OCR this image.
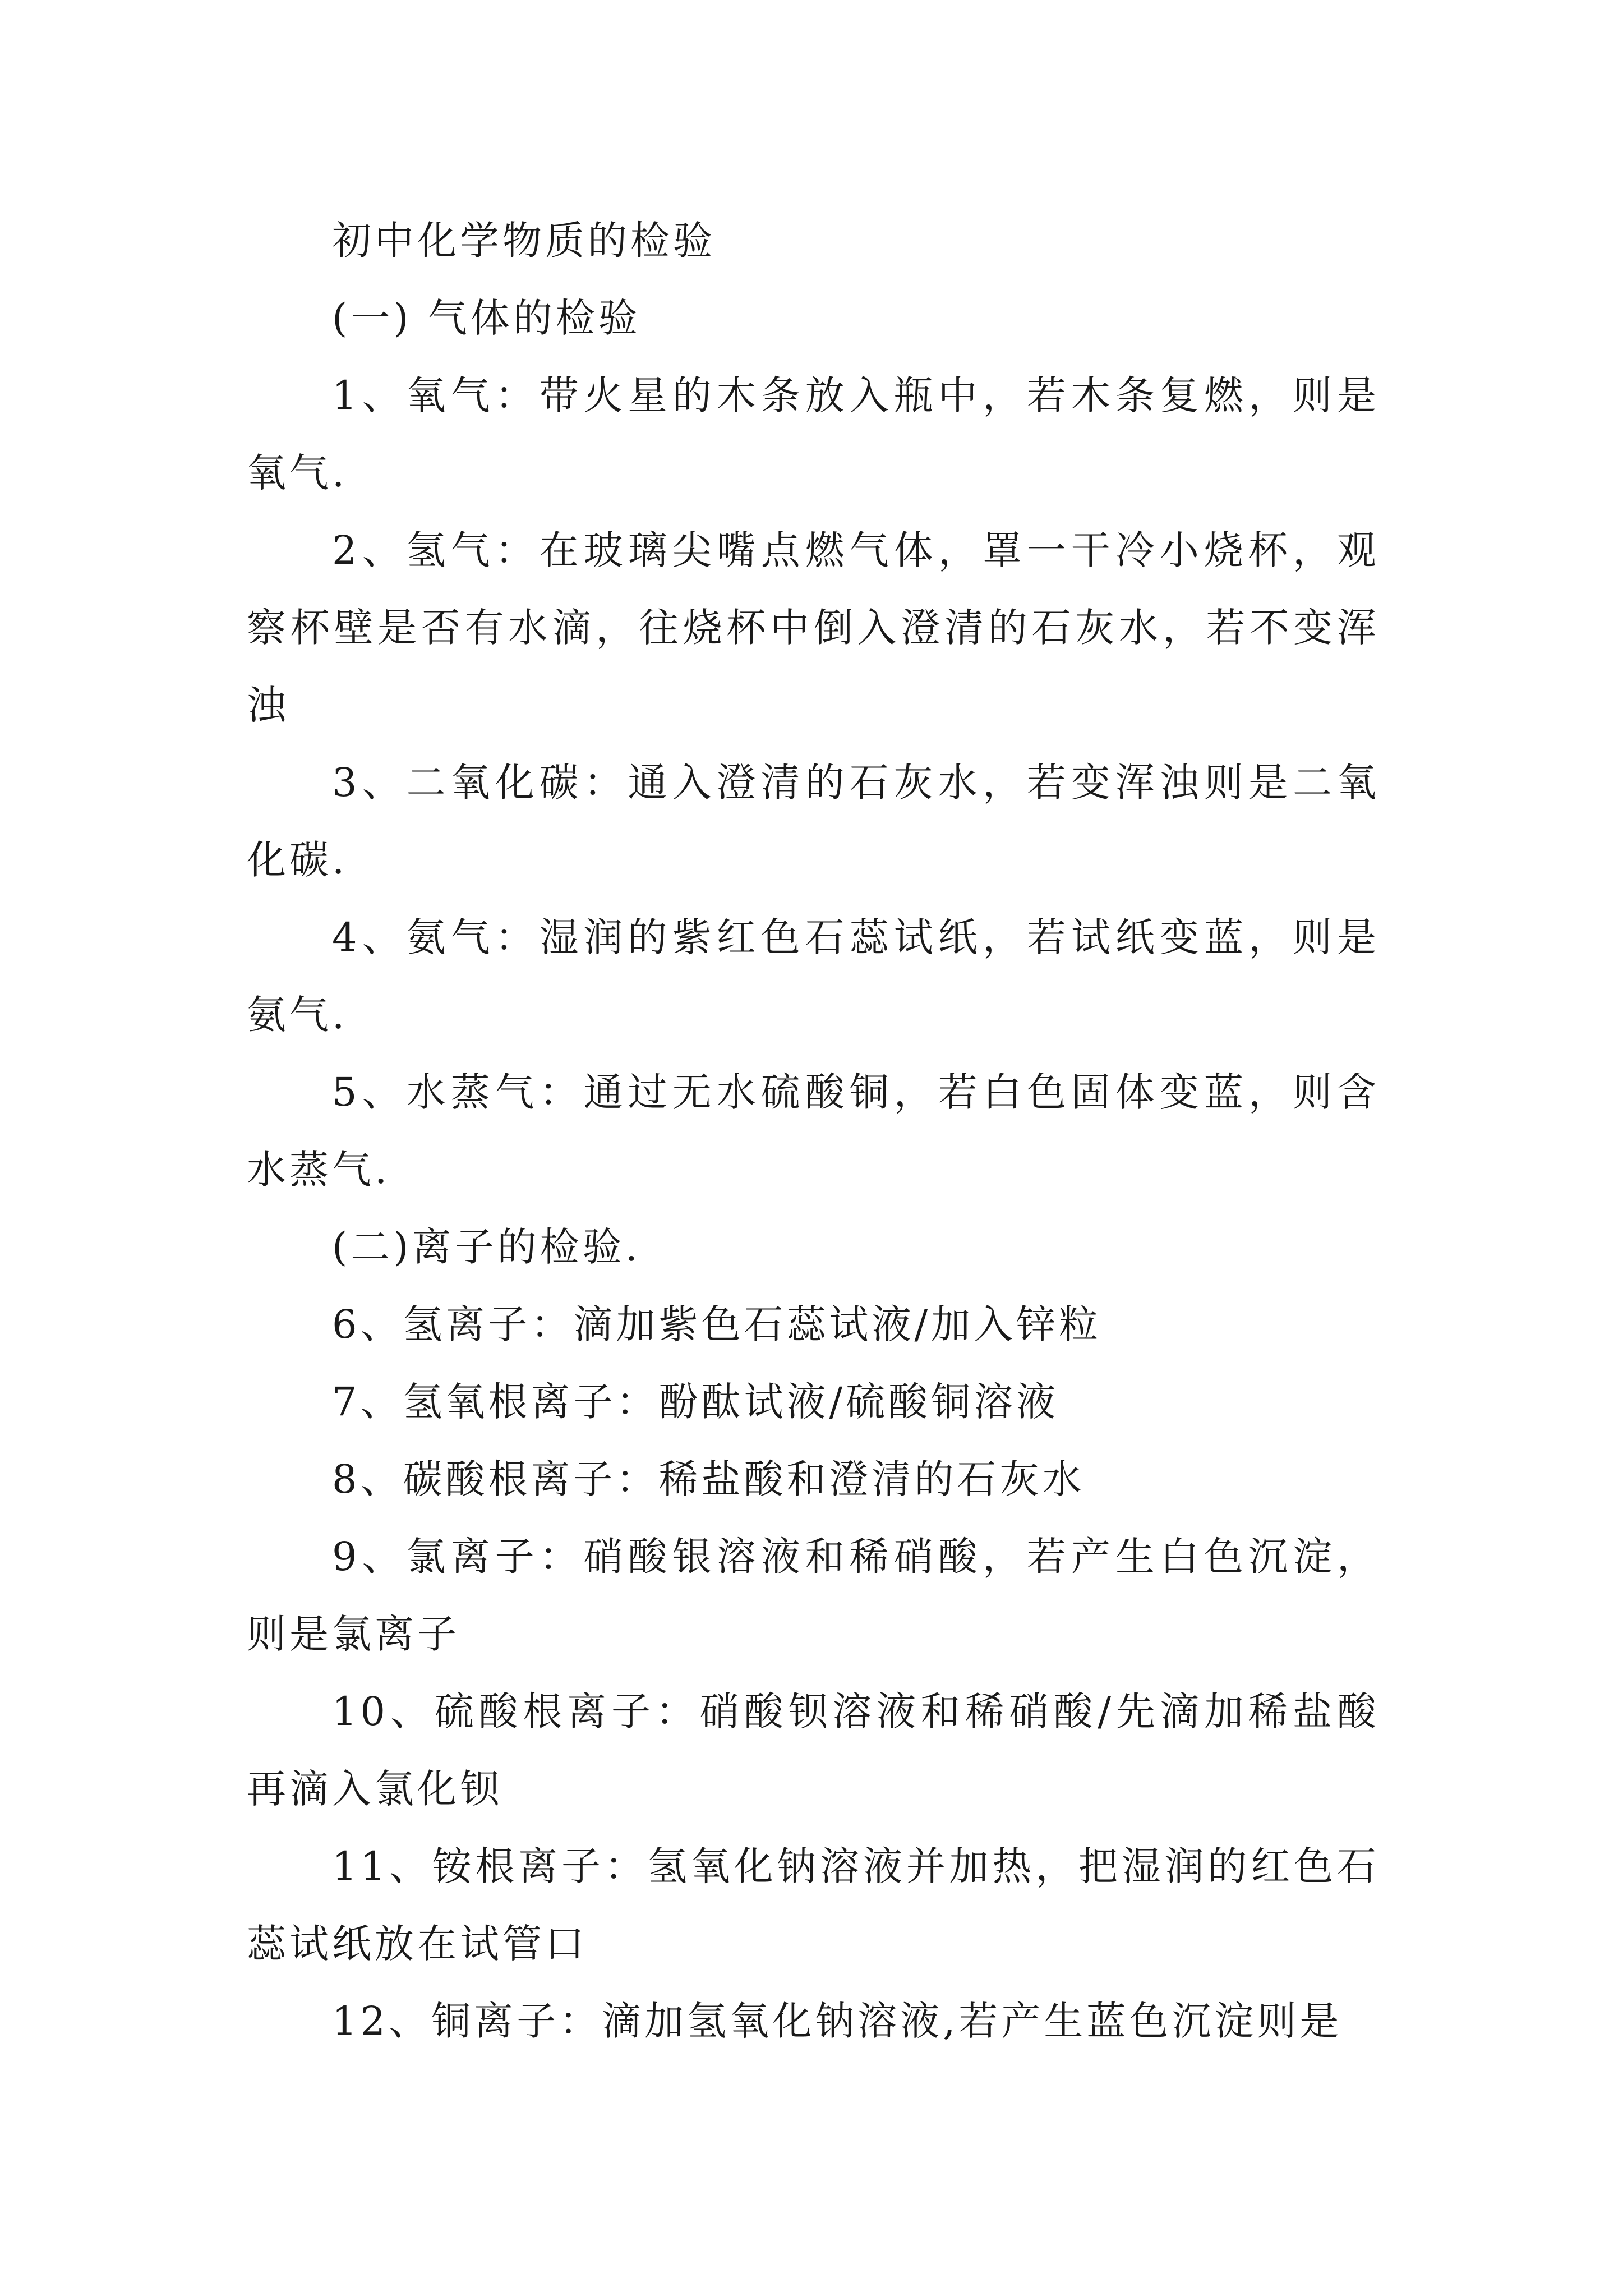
初中化学物质的检验

(一) 气体的检验

1、氧气：带火星的木条放入瓶中，若木条复燃，则是氧气.

2、氢气：在玻璃尖嘴点燃气体，罩一干冷小烧杯，观察杯壁是否有水滴，往烧杯中倒入澄清的石灰水，若不变浑浊

3、二氧化碳：通入澄清的石灰水，若变浑浊则是二氧化碳.

4、氨气：湿润的紫红色石蕊试纸，若试纸变蓝，则是氨气.

5、水蒸气：通过无水硫酸铜，若白色固体变蓝，则含水蒸气.

(二)离子的检验.

6、氢离子：滴加紫色石蕊试液/加入锌粒

7、氢氧根离子：酚酞试液/硫酸铜溶液

8、碳酸根离子：稀盐酸和澄清的石灰水

9、氯离子：硝酸银溶液和稀硝酸，若产生白色沉淀，则是氯离子

10、硫酸根离子：硝酸钡溶液和稀硝酸/先滴加稀盐酸再滴入氯化钡

11、铵根离子：氢氧化钠溶液并加热，把湿润的红色石蕊试纸放在试管口

12、铜离子：滴加氢氧化钠溶液,若产生蓝色沉淀则是
